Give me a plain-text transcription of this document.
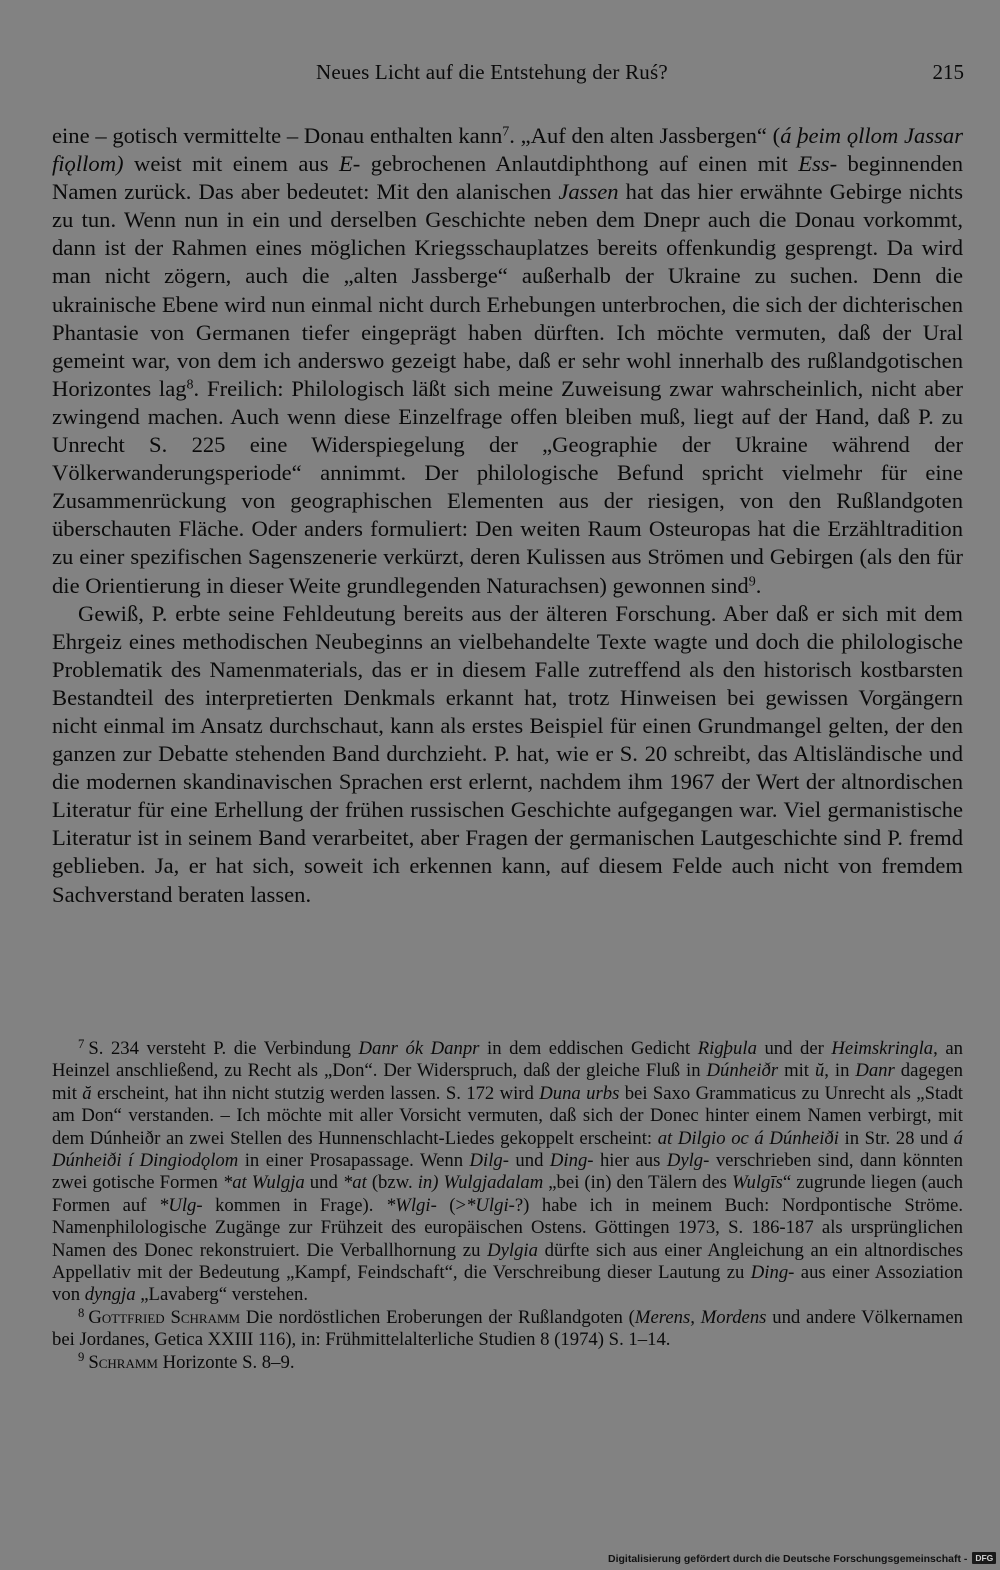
Neues Licht auf die Entstehung der Ruś?	215

eine – gotisch vermittelte – Donau enthalten kann$^7$. „Auf den alten Jassbergen“ (á þeim ǫllom Jassar fiǫllom) weist mit einem aus E- gebrochenen Anlautdiphthong auf einen mit Ess- beginnenden Namen zurück. Das aber bedeutet: Mit den alanischen Jassen hat das hier erwähnte Gebirge nichts zu tun. Wenn nun in ein und derselben Geschichte neben dem Dnepr auch die Donau vorkommt, dann ist der Rahmen eines möglichen Kriegsschauplatzes bereits offenkundig gesprengt. Da wird man nicht zögern, auch die „alten Jassberge“ außerhalb der Ukraine zu suchen. Denn die ukrainische Ebene wird nun einmal nicht durch Erhebungen unterbrochen, die sich der dichterischen Phantasie von Germanen tiefer eingeprägt haben dürften. Ich möchte vermuten, daß der Ural gemeint war, von dem ich anderswo gezeigt habe, daß er sehr wohl innerhalb des rußlandgotischen Horizontes lag$^8$. Freilich: Philologisch läßt sich meine Zuweisung zwar wahrscheinlich, nicht aber zwingend machen. Auch wenn diese Einzelfrage offen bleiben muß, liegt auf der Hand, daß P. zu Unrecht S. 225 eine Widerspiegelung der „Geographie der Ukraine während der Völkerwanderungsperiode“ annimmt. Der philologische Befund spricht vielmehr für eine Zusammenrückung von geographischen Elementen aus der riesigen, von den Rußlandgoten überschauten Fläche. Oder anders formuliert: Den weiten Raum Osteuropas hat die Erzähltradition zu einer spezifischen Sagenszenerie verkürzt, deren Kulissen aus Strömen und Gebirgen (als den für die Orientierung in dieser Weite grundlegenden Naturachsen) gewonnen sind$^9$.

Gewiß, P. erbte seine Fehldeutung bereits aus der älteren Forschung. Aber daß er sich mit dem Ehrgeiz eines methodischen Neubeginns an vielbehandelte Texte wagte und doch die philologische Problematik des Namenmaterials, das er in diesem Falle zutreffend als den historisch kostbarsten Bestandteil des interpretierten Denkmals erkannt hat, trotz Hinweisen bei gewissen Vorgängern nicht einmal im Ansatz durchschaut, kann als erstes Beispiel für einen Grundmangel gelten, der den ganzen zur Debatte stehenden Band durchzieht. P. hat, wie er S. 20 schreibt, das Altisländische und die modernen skandinavischen Sprachen erst erlernt, nachdem ihm 1967 der Wert der altnordischen Literatur für eine Erhellung der frühen russischen Geschichte aufgegangen war. Viel germanistische Literatur ist in seinem Band verarbeitet, aber Fragen der germanischen Lautgeschichte sind P. fremd geblieben. Ja, er hat sich, soweit ich erkennen kann, auf diesem Felde auch nicht von fremdem Sachverstand beraten lassen.

$^7$ S. 234 versteht P. die Verbindung Danr ók Danpr in dem eddischen Gedicht Rigþula und der Heimskringla, an Heinzel anschließend, zu Recht als „Don“. Der Widerspruch, daß der gleiche Fluß in Dúnheiðr mit ŭ, in Danr dagegen mit ă erscheint, hat ihn nicht stutzig werden lassen. S. 172 wird Duna urbs bei Saxo Grammaticus zu Unrecht als „Stadt am Don“ verstanden. – Ich möchte mit aller Vorsicht vermuten, daß sich der Donec hinter einem Namen verbirgt, mit dem Dúnheiðr an zwei Stellen des Hunnenschlacht-Liedes gekoppelt erscheint: at Dilgio oc á Dúnheiði in Str. 28 und á Dúnheiði í Dingiodǫlom in einer Prosapassage. Wenn Dilg- und Ding- hier aus Dylg- verschrieben sind, dann könnten zwei gotische Formen *at Wulgja und *at (bzw. in) Wulgjadalam „bei (in) den Tälern des Wulgīs“ zugrunde liegen (auch Formen auf *Ulg- kommen in Frage). *Wlgi- (>*Ulgi-?) habe ich in meinem Buch: Nordpontische Ströme. Namenphilologische Zugänge zur Frühzeit des europäischen Ostens. Göttingen 1973, S. 186-187 als ursprünglichen Namen des Donec rekonstruiert. Die Verballhornung zu Dylgia dürfte sich aus einer Angleichung an ein altnordisches Appellativ mit der Bedeutung „Kampf, Feindschaft“, die Verschreibung dieser Lautung zu Ding- aus einer Assoziation von dyngja „Lavaberg“ verstehen.

$^8$ Gottfried Schramm Die nordöstlichen Eroberungen der Rußlandgoten (Merens, Mordens und andere Völkernamen bei Jordanes, Getica XXIII 116), in: Frühmittelalterliche Studien 8 (1974) S. 1–14.

$^9$ Schramm Horizonte S. 8–9.

Digitalisierung gefördert durch die Deutsche Forschungsgemeinschaft - DFG
